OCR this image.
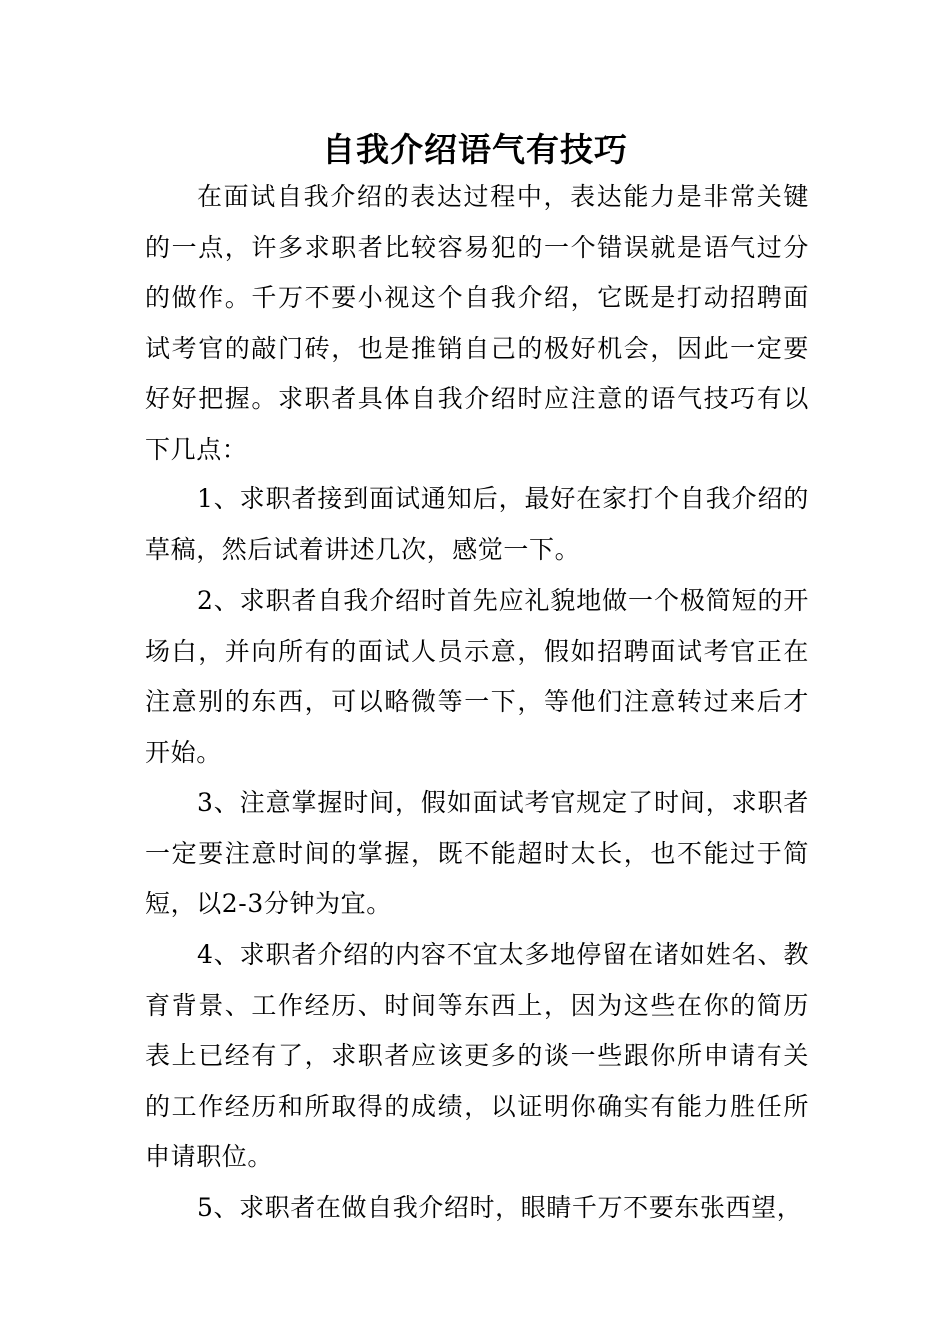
自我介绍语气有技巧

在面试自我介绍的表达过程中，表达能力是非常关键的一点，许多求职者比较容易犯的一个错误就是语气过分的做作。千万不要小视这个自我介绍，它既是打动招聘面试考官的敲门砖，也是推销自己的极好机会，因此一定要好好把握。求职者具体自我介绍时应注意的语气技巧有以下几点：

1、求职者接到面试通知后，最好在家打个自我介绍的草稿，然后试着讲述几次，感觉一下。

2、求职者自我介绍时首先应礼貌地做一个极简短的开场白，并向所有的面试人员示意，假如招聘面试考官正在注意别的东西，可以略微等一下，等他们注意转过来后才开始。

3、注意掌握时间，假如面试考官规定了时间，求职者一定要注意时间的掌握，既不能超时太长，也不能过于简短，以2-3分钟为宜。

4、求职者介绍的内容不宜太多地停留在诸如姓名、教育背景、工作经历、时间等东西上，因为这些在你的简历表上已经有了，求职者应该更多的谈一些跟你所申请有关的工作经历和所取得的成绩，以证明你确实有能力胜任所申请职位。

5、求职者在做自我介绍时，眼睛千万不要东张西望，
